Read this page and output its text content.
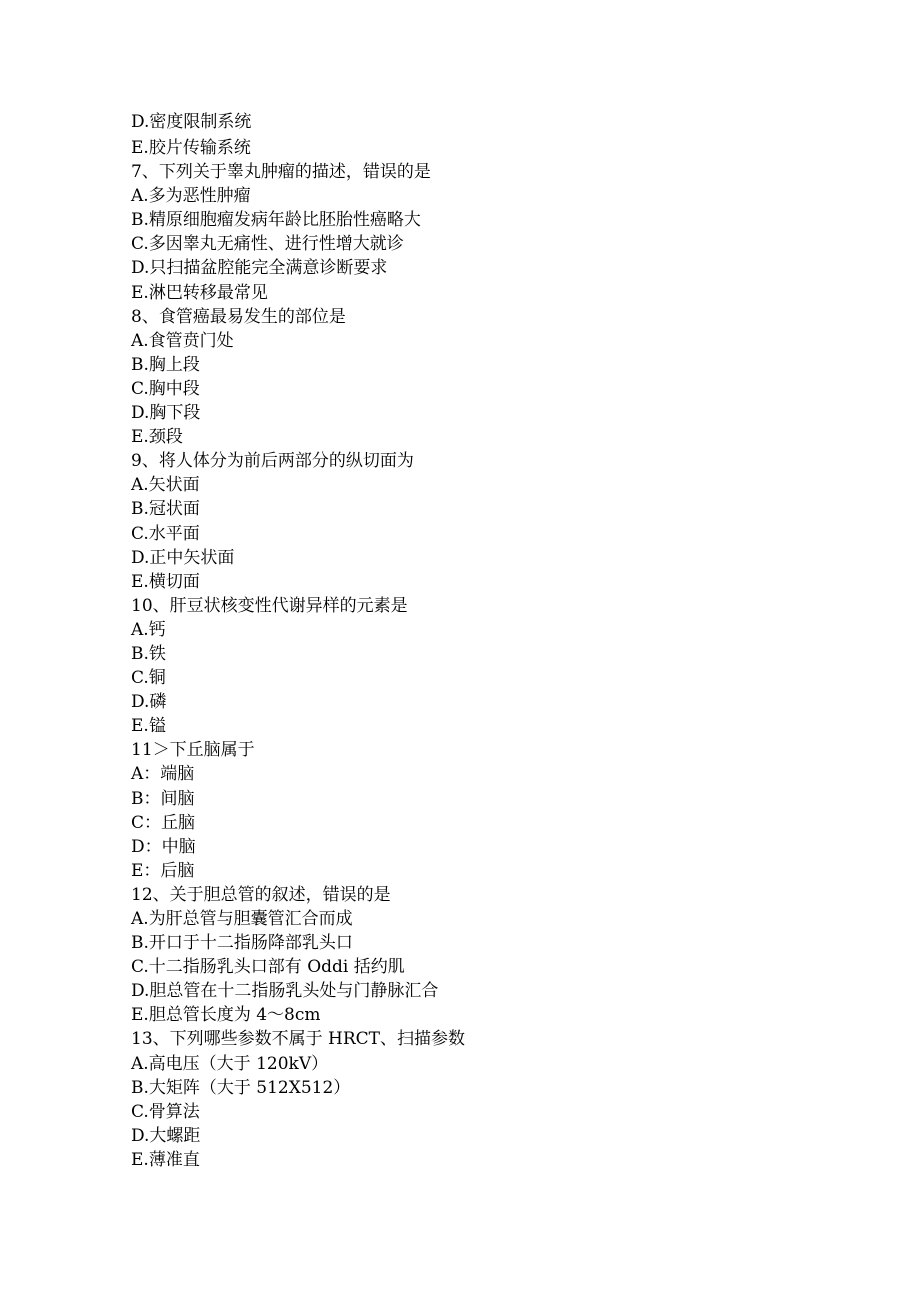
D.密度限制系统
E.胶片传输系统
7、下列关于睾丸肿瘤的描述，错误的是
A.多为恶性肿瘤
B.精原细胞瘤发病年龄比胚胎性癌略大
C.多因睾丸无痛性、进行性增大就诊
D.只扫描盆腔能完全满意诊断要求
E.淋巴转移最常见
8、食管癌最易发生的部位是
A.食管贲门处
B.胸上段
C.胸中段
D.胸下段
E.颈段
9、将人体分为前后两部分的纵切面为
A.矢状面
B.冠状面
C.水平面
D.正中矢状面
E.横切面
10、肝豆状核变性代谢异样的元素是
A.钙
B.铁
C.铜
D.磷
E.镒
11＞下丘脑属于
A：端脑
B：间脑
C：丘脑
D：中脑
E：后脑
12、关于胆总管的叙述，错误的是
A.为肝总管与胆囊管汇合而成
B.开口于十二指肠降部乳头口
C.十二指肠乳头口部有 Oddi 括约肌
D.胆总管在十二指肠乳头处与门静脉汇合
E.胆总管长度为 4～8cm
13、下列哪些参数不属于 HRCT、扫描参数
A.高电压（大于 120kV）
B.大矩阵（大于 512X512）
C.骨算法
D.大螺距
E.薄准直
